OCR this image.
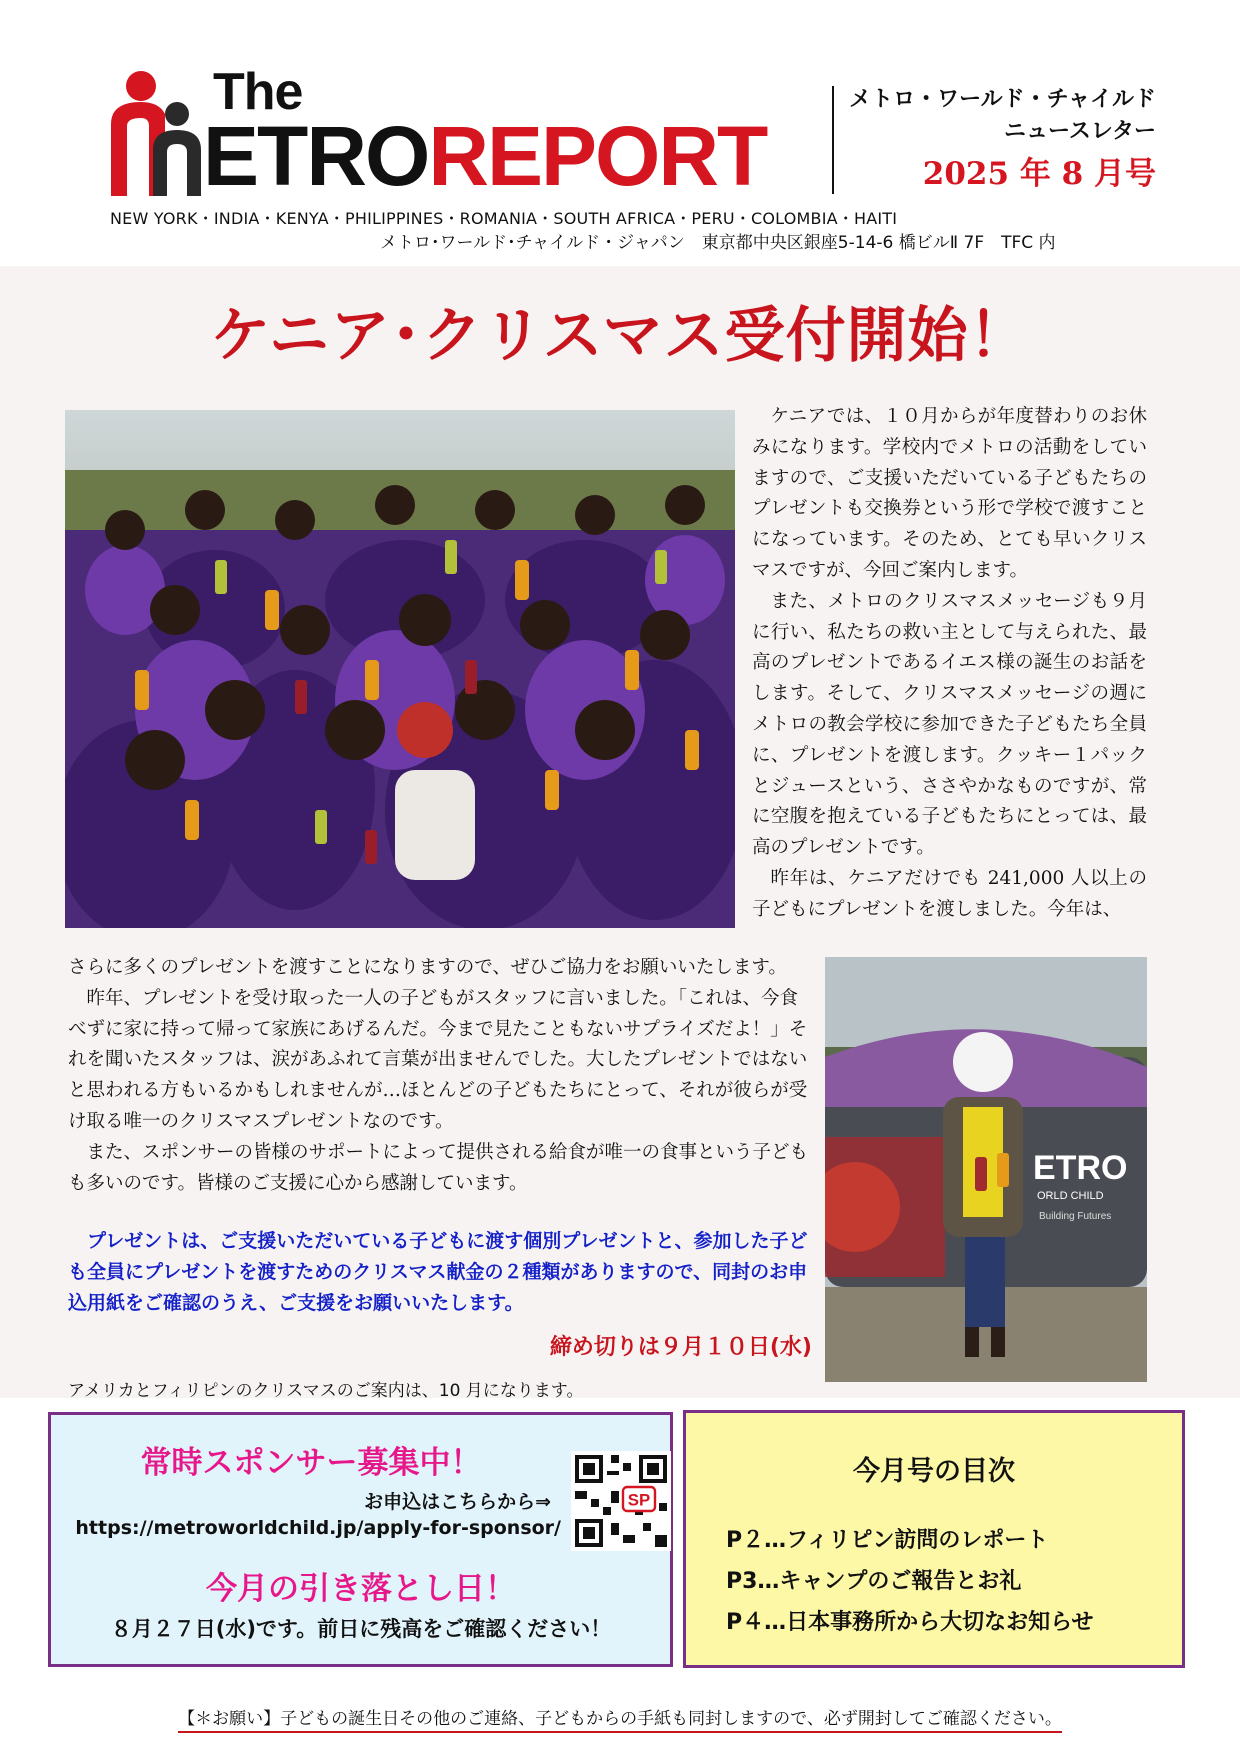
The
ETROREPORT
メトロ・ワールド・チャイルド
ニュースレター
2025 年 8 月号
NEW YORK・INDIA・KENYA・PHILIPPINES・ROMANIA・SOUTH AFRICA・PERU・COLOMBIA・HAITI
メトロ･ワールド･チャイルド・ジャパン　東京都中央区銀座5-14-6 橋ビルⅡ 7F　TFC 内
ケニア･クリスマス受付開始！

ケニアでは、１０月からが年度替わりのお休みになります。学校内でメトロの活動をしていますので、ご支援いただいている子どもたちのプレゼントも交換券という形で学校で渡すことになっています。そのため、とても早いクリスマスですが、今回ご案内します。

また、メトロのクリスマスメッセージも９月に行い、私たちの救い主として与えられた、最高のプレゼントであるイエス様の誕生のお話をします。そして、クリスマスメッセージの週にメトロの教会学校に参加できた子どもたち全員に、プレゼントを渡します。クッキー１パックとジュースという、ささやかなものですが、常に空腹を抱えている子どもたちにとっては、最高のプレゼントです。

昨年は、ケニアだけでも 241,000 人以上の子どもにプレゼントを渡しました。今年は、

ETRO
ORLD CHILD
Building Futures

さらに多くのプレゼントを渡すことになりますので、ぜひご協力をお願いいたします。

昨年、プレゼントを受け取った一人の子どもがスタッフに言いました。「これは、今食べずに家に持って帰って家族にあげるんだ。今まで見たこともないサプライズだよ！」それを聞いたスタッフは、涙があふれて言葉が出ませんでした。大したプレゼントではないと思われる方もいるかもしれませんが…ほとんどの子どもたちにとって、それが彼らが受け取る唯一のクリスマスプレゼントなのです。

また、スポンサーの皆様のサポートによって提供される給食が唯一の食事という子どもも多いのです。皆様のご支援に心から感謝しています。

プレゼントは、ご支援いただいている子どもに渡す個別プレゼントと、参加した子ども全員にプレゼントを渡すためのクリスマス献金の２種類がありますので、同封のお申込用紙をご確認のうえ、ご支援をお願いいたします。
締め切りは９月１０日(水)
アメリカとフィリピンのクリスマスのご案内は、10 月になります。
常時スポンサー募集中！
お申込はこちらから⇒
https://metroworldchild.jp/apply-for-sponsor/
SP
今月の引き落とし日！
８月２７日(水)です。前日に残高をご確認ください！
今月号の目次
P２…フィリピン訪問のレポート
P3…キャンプのご報告とお礼
P４…日本事務所から大切なお知らせ
【＊お願い】子どもの誕生日その他のご連絡、子どもからの手紙も同封しますので、必ず開封してご確認ください。
